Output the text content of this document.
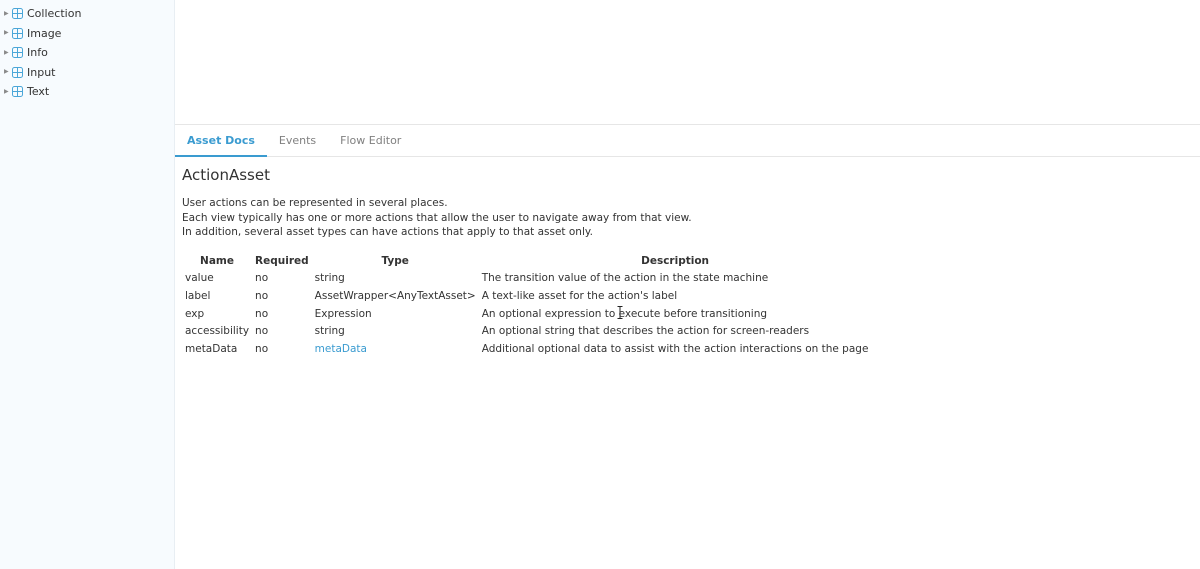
▶ Collection
▶ Image
▶ Info
▶ Input
▶ Text
Asset Docs	Events	Flow Editor
ActionAsset
User actions can be represented in several places.
Each view typically has one or more actions that allow the user to navigate away from that view.
In addition, several asset types can have actions that apply to that asset only.
Name	Required	Type	Description
value	no	string	The transition value of the action in the state machine
label	no	AssetWrapper<AnyTextAsset>	A text-like asset for the action's label
exp	no	Expression	An optional expression to execute before transitioning
accessibility	no	string	An optional string that describes the action for screen-readers
metaData	no	metaData	Additional optional data to assist with the action interactions on the page
